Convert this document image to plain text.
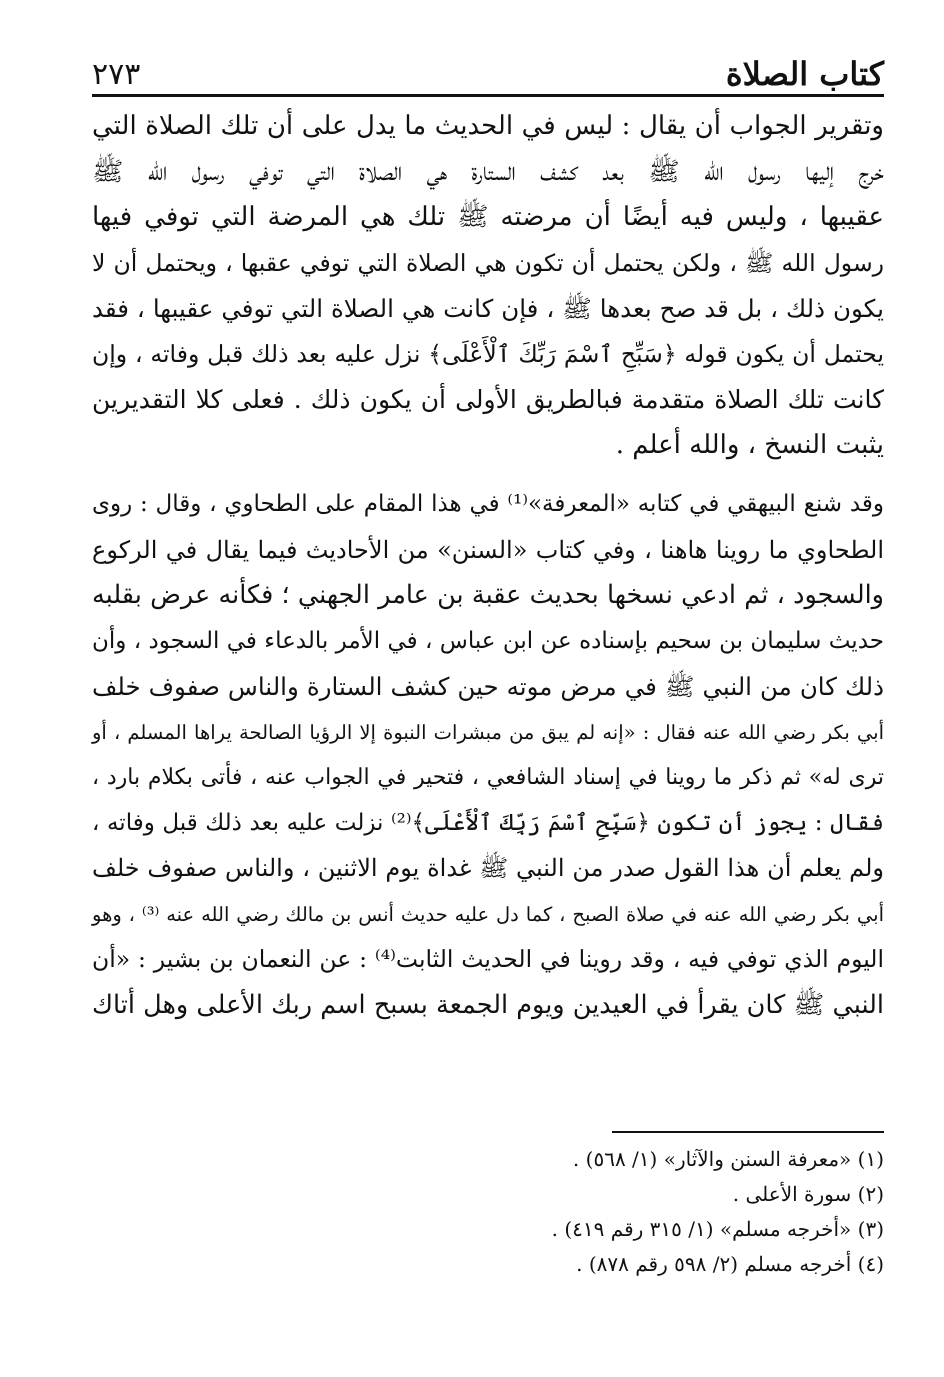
كتاب الصلاة
٢٧٣
وتقرير الجواب أن يقال : ليس في الحديث ما يدل على أن تلك الصلاة التي
خرج إليها رسول الله ﷺ بعد كشف الستارة هي الصلاة التي توفي رسول الله ﷺ
عقيبها ، وليس فيه أيضًا أن مرضته ﷺ تلك هي المرضة التي توفي فيها
رسول الله ﷺ ، ولكن يحتمل أن تكون هي الصلاة التي توفي عقبها ، ويحتمل أن لا
يكون ذلك ، بل قد صح بعدها ﷺ ، فإن كانت هي الصلاة التي توفي عقيبها ، فقد
يحتمل أن يكون قوله ﴿سَبِّحِ ٱسْمَ رَبِّكَ ٱلْأَعْلَى﴾ نزل عليه بعد ذلك قبل وفاته ، وإن
كانت تلك الصلاة متقدمة فبالطريق الأولى أن يكون ذلك . فعلى كلا التقديرين
يثبت النسخ ، والله أعلم .
وقد شنع البيهقي في كتابه «المعرفة»⁽¹⁾ في هذا المقام على الطحاوي ، وقال : روى
الطحاوي ما روينا هاهنا ، وفي كتاب «السنن» من الأحاديث فيما يقال في الركوع
والسجود ، ثم ادعي نسخها بحديث عقبة بن عامر الجهني ؛ فكأنه عرض بقلبه
حديث سليمان بن سحيم بإسناده عن ابن عباس ، في الأمر بالدعاء في السجود ، وأن
ذلك كان من النبي ﷺ في مرض موته حين كشف الستارة والناس صفوف خلف
أبي بكر رضي الله عنه فقال : «إنه لم يبق من مبشرات النبوة إلا الرؤيا الصالحة يراها المسلم ، أو
ترى له» ثم ذكر ما روينا في إسناد الشافعي ، فتحير في الجواب عنه ، فأتى بكلام بارد ،
فقال : يجوز أن تكون ﴿سَبِّحِ ٱسْمَ رَبِّكَ ٱلْأَعْلَى﴾⁽²⁾ نزلت عليه بعد ذلك قبل وفاته ،
ولم يعلم أن هذا القول صدر من النبي ﷺ غداة يوم الاثنين ، والناس صفوف خلف
أبي بكر رضي الله عنه في صلاة الصبح ، كما دل عليه حديث أنس بن مالك رضي الله عنه ⁽³⁾ ، وهو
اليوم الذي توفي فيه ، وقد روينا في الحديث الثابت⁽⁴⁾ : عن النعمان بن بشير : «أن
النبي ﷺ كان يقرأ في العيدين ويوم الجمعة بسبح اسم ربك الأعلى وهل أتاك
(١) «معرفة السنن والآثار» (١/ ٥٦٨) .
(٢) سورة الأعلى .
(٣) «أخرجه مسلم» (١/ ٣١٥ رقم ٤١٩) .
(٤) أخرجه مسلم (٢/ ٥٩٨ رقم ٨٧٨) .
